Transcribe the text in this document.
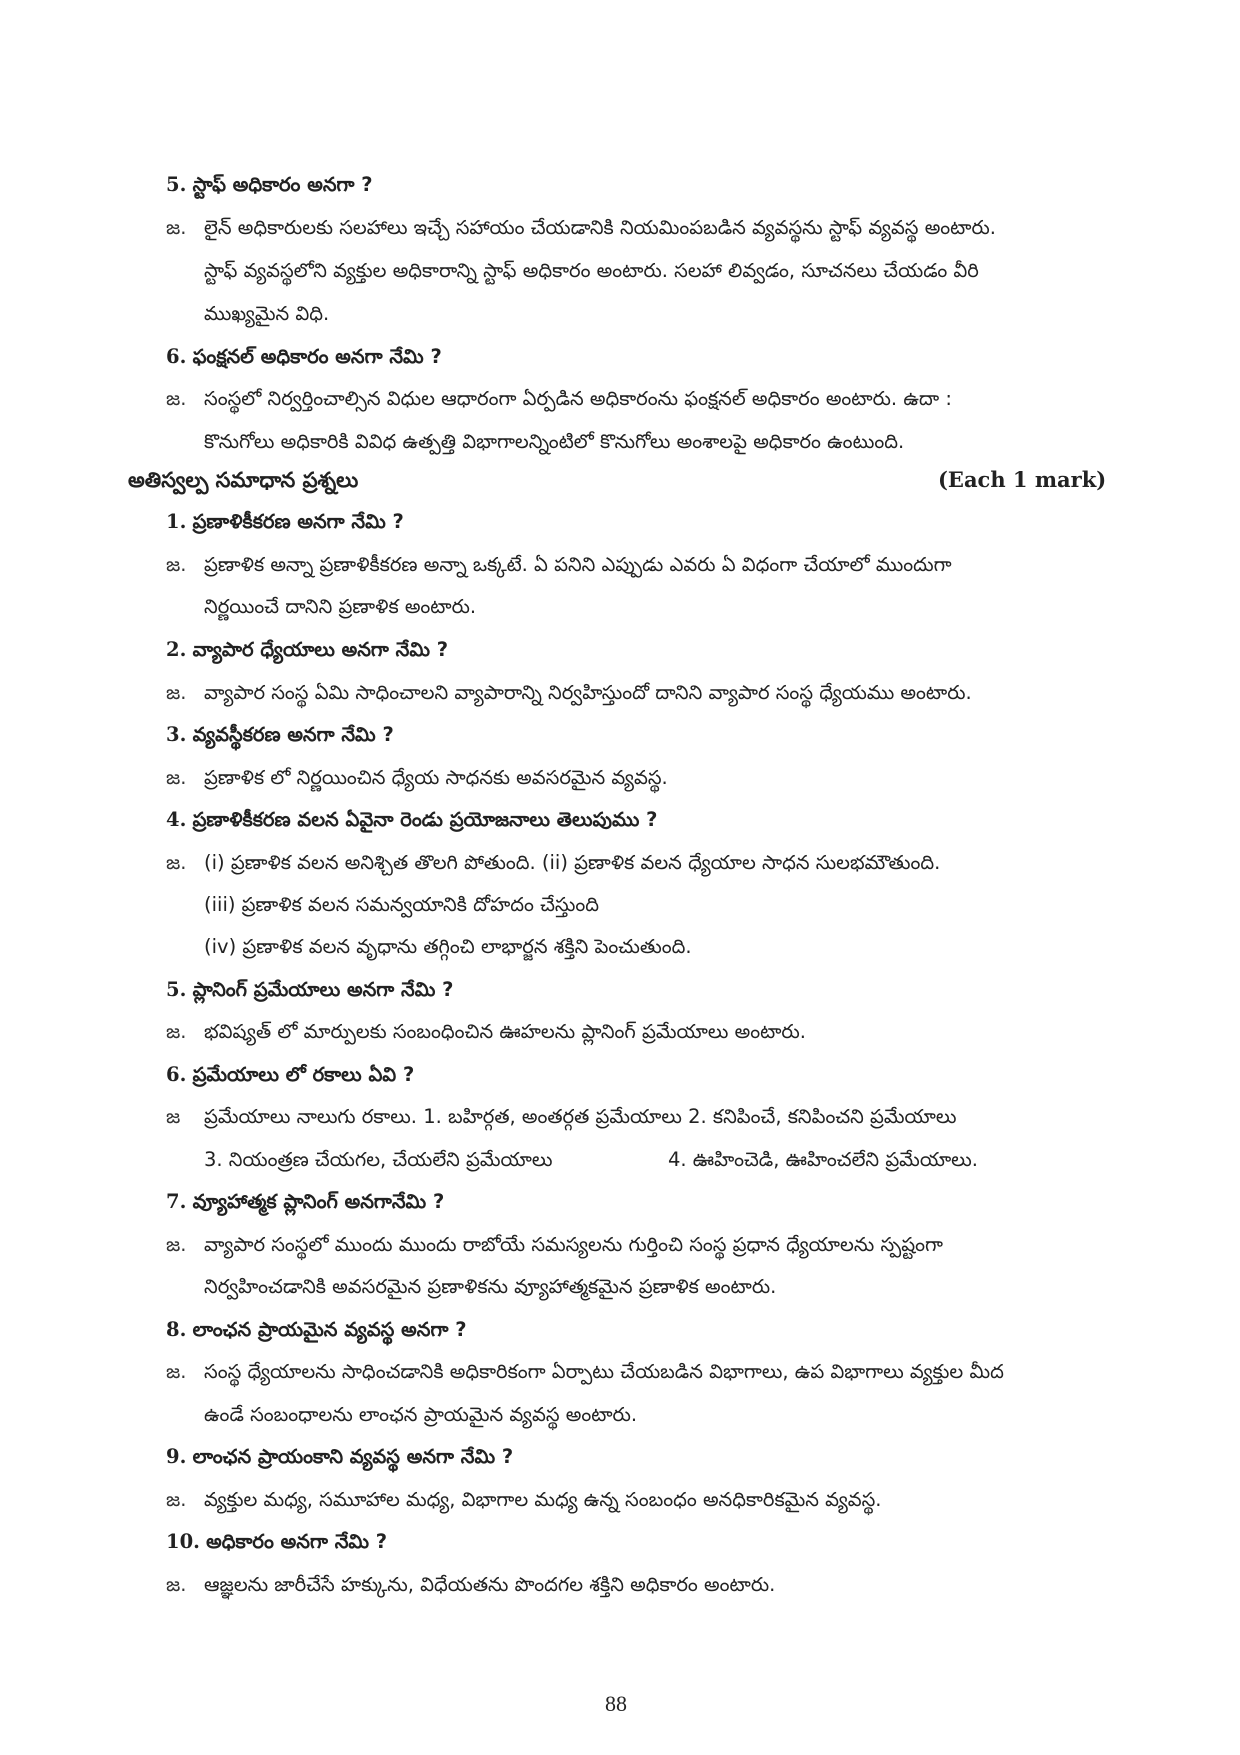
5. స్టాఫ్ అధికారం అనగా ?
జ. లైన్ అధికారులకు సలహాలు ఇచ్చే సహాయం చేయడానికి నియమింపబడిన వ్యవస్థను స్టాఫ్ వ్యవస్థ అంటారు.
స్టాఫ్ వ్యవస్థలోని వ్యక్తుల అధికారాన్ని స్టాఫ్ అధికారం అంటారు. సలహా లివ్వడం, సూచనలు చేయడం వీరి
ముఖ్యమైన విధి.
6. ఫంక్షనల్ అధికారం అనగా నేమి ?
జ. సంస్థలో నిర్వర్తించాల్సిన విధుల ఆధారంగా ఏర్పడిన అధికారంను ఫంక్షనల్ అధికారం అంటారు. ఉదా :
కొనుగోలు అధికారికి వివిధ ఉత్పత్తి విభాగాలన్నింటిలో కొనుగోలు అంశాలపై అధికారం ఉంటుంది.
అతిస్వల్ప సమాధాన ప్రశ్నలు	(Each 1 mark)
1. ప్రణాళికీకరణ అనగా నేమి ?
జ. ప్రణాళిక అన్నా ప్రణాళికీకరణ అన్నా ఒక్కటే. ఏ పనిని ఎప్పుడు ఎవరు ఏ విధంగా చేయాలో ముందుగా
నిర్ణయించే దానిని ప్రణాళిక అంటారు.
2. వ్యాపార ధ్యేయాలు అనగా నేమి ?
జ. వ్యాపార సంస్థ ఏమి సాధించాలని వ్యాపారాన్ని నిర్వహిస్తుందో దానిని వ్యాపార సంస్థ ధ్యేయము అంటారు.
3. వ్యవస్థీకరణ అనగా నేమి ?
జ. ప్రణాళిక లో నిర్ణయించిన ధ్యేయ సాధనకు అవసరమైన వ్యవస్థ.
4. ప్రణాళికీకరణ వలన ఏవైనా రెండు ప్రయోజనాలు తెలుపుము ?
జ. (i) ప్రణాళిక వలన అనిశ్చిత తొలగి పోతుంది. (ii) ప్రణాళిక వలన ధ్యేయాల సాధన సులభమౌతుంది.
(iii) ప్రణాళిక వలన సమన్వయానికి దోహదం చేస్తుంది
(iv) ప్రణాళిక వలన వృధాను తగ్గించి లాభార్జన శక్తిని పెంచుతుంది.
5. ప్లానింగ్ ప్రమేయాలు అనగా నేమి ?
జ. భవిష్యత్ లో మార్పులకు సంబంధించిన ఊహలను ప్లానింగ్ ప్రమేయాలు అంటారు.
6. ప్రమేయాలు లో రకాలు ఏవి ?
జ ప్రమేయాలు నాలుగు రకాలు. 1. బహిర్గత, అంతర్గత ప్రమేయాలు 2. కనిపించే, కనిపించని ప్రమేయాలు
3. నియంత్రణ చేయగల, చేయలేని ప్రమేయాలు	4. ఊహించెడి, ఊహించలేని ప్రమేయాలు.
7. వ్యూహాత్మక ప్లానింగ్ అనగానేమి ?
జ. వ్యాపార సంస్థలో ముందు ముందు రాబోయే సమస్యలను గుర్తించి సంస్థ ప్రధాన ధ్యేయాలను స్పష్టంగా
నిర్వహించడానికి అవసరమైన ప్రణాళికను వ్యూహాత్మకమైన ప్రణాళిక అంటారు.
8. లాంఛన ప్రాయమైన వ్యవస్థ అనగా ?
జ. సంస్థ ధ్యేయాలను సాధించడానికి అధికారికంగా ఏర్పాటు చేయబడిన విభాగాలు, ఉప విభాగాలు వ్యక్తుల మీద
ఉండే సంబంధాలను లాంఛన ప్రాయమైన వ్యవస్థ అంటారు.
9. లాంఛన ప్రాయంకాని వ్యవస్థ అనగా నేమి ?
జ. వ్యక్తుల మధ్య, సమూహాల మధ్య, విభాగాల మధ్య ఉన్న సంబంధం అనధికారికమైన వ్యవస్థ.
10. అధికారం అనగా నేమి ?
జ. ఆజ్ఞలను జారీచేసే హక్కును, విధేయతను పొందగల శక్తిని అధికారం అంటారు.
88
